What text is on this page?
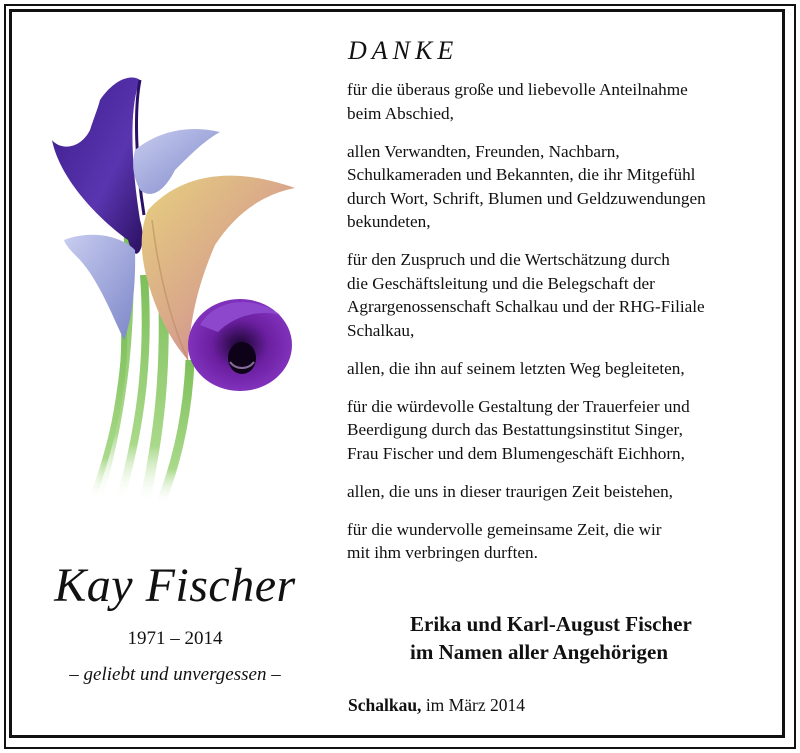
Kay Fischer
1971 – 2014
– geliebt und unvergessen –
DANKE

für die überaus große und liebevolle Anteilnahme
beim Abschied,

allen Verwandten, Freunden, Nachbarn,
Schulkameraden und Bekannten, die ihr Mitgefühl
durch Wort, Schrift, Blumen und Geldzuwendungen
bekundeten,

für den Zuspruch und die Wertschätzung durch
die Geschäftsleitung und die Belegschaft der
Agrargenossenschaft Schalkau und der RHG-Filiale
Schalkau,

allen, die ihn auf seinem letzten Weg begleiteten,

für die würdevolle Gestaltung der Trauerfeier und
Beerdigung durch das Bestattungsinstitut Singer,
Frau Fischer und dem Blumengeschäft Eichhorn,

allen, die uns in dieser traurigen Zeit beistehen,

für die wundervolle gemeinsame Zeit, die wir
mit ihm verbringen durften.

Erika und Karl-August Fischer
im Namen aller Angehörigen
Schalkau, im März 2014
